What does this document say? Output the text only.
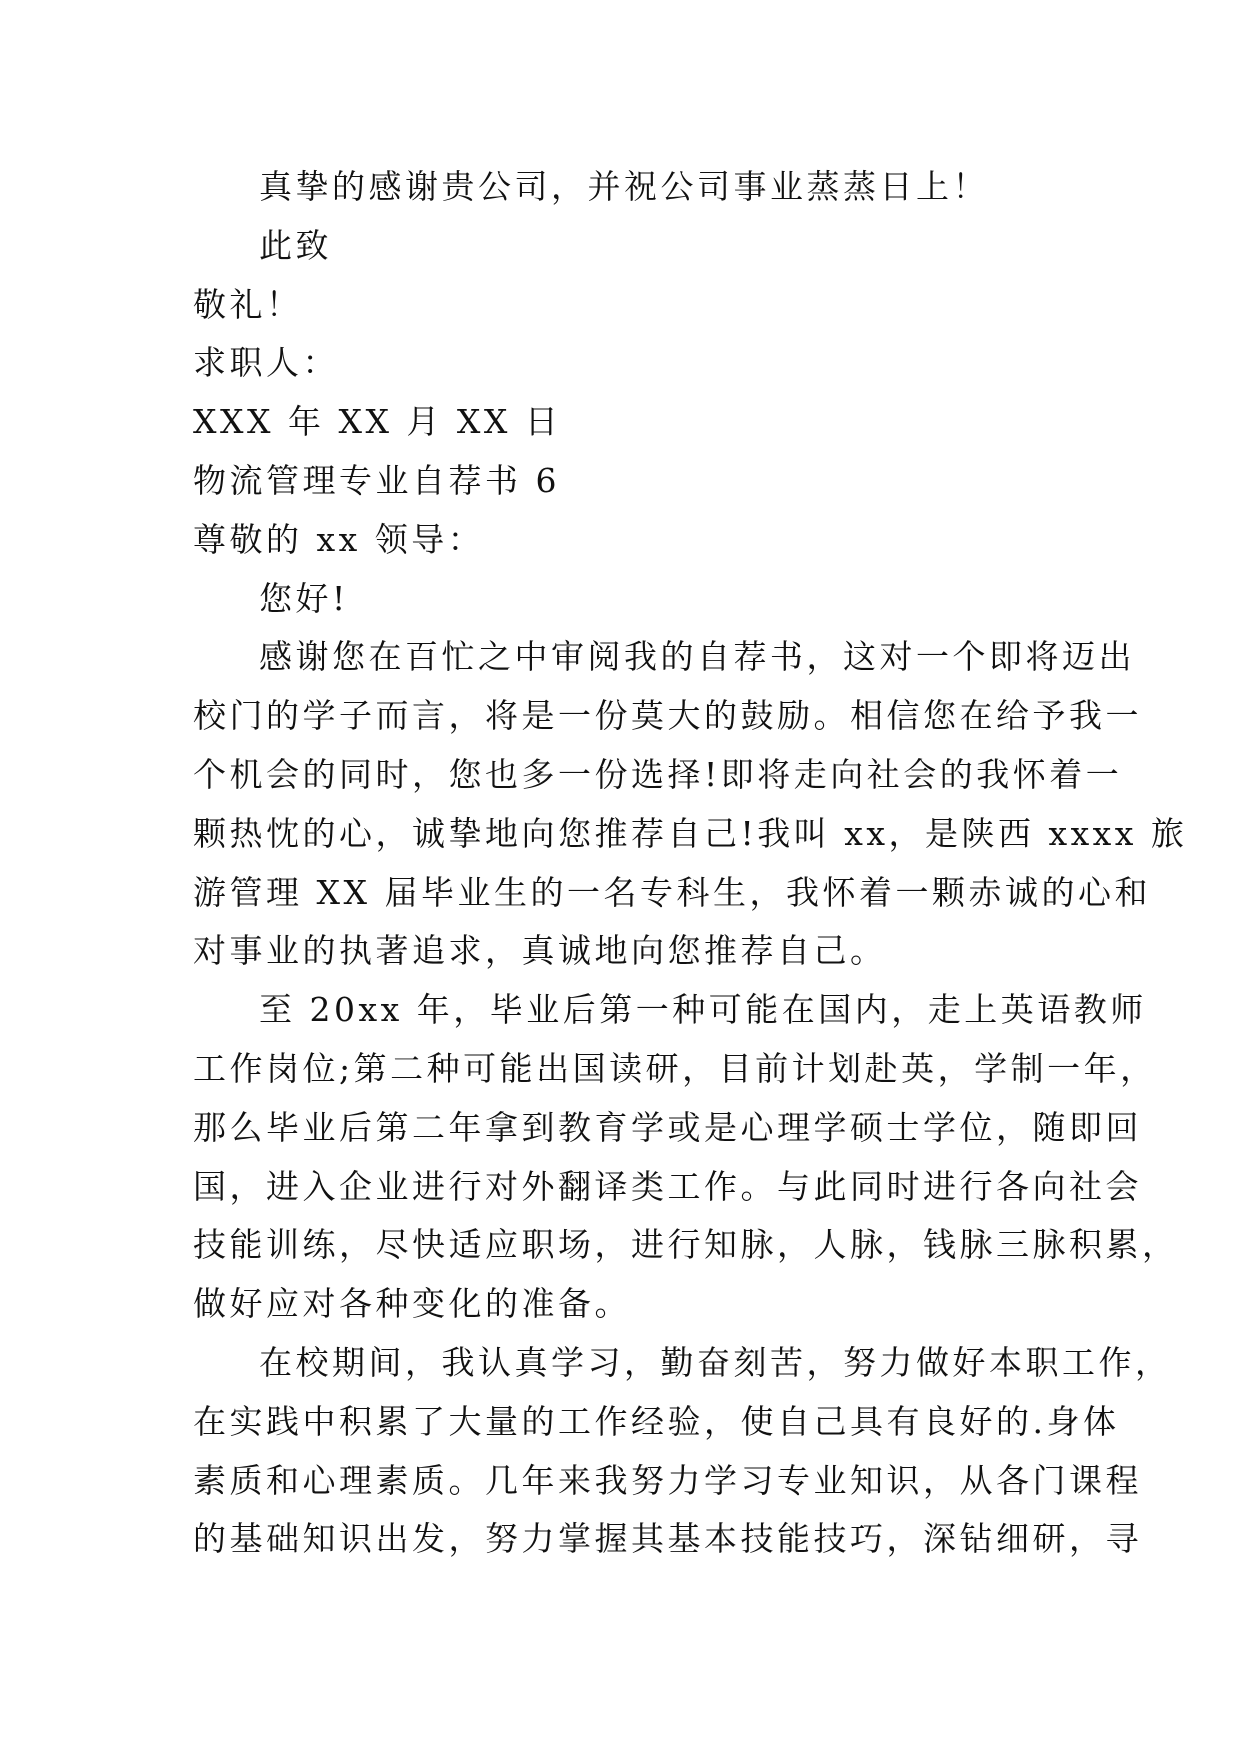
真挚的感谢贵公司，并祝公司事业蒸蒸日上！
此致
敬礼！
求职人：
XXX 年 XX 月 XX 日
物流管理专业自荐书 6
尊敬的 xx 领导：
您好!
感谢您在百忙之中审阅我的自荐书，这对一个即将迈出
校门的学子而言，将是一份莫大的鼓励。相信您在给予我一
个机会的同时，您也多一份选择!即将走向社会的我怀着一
颗热忱的心，诚挚地向您推荐自己!我叫 xx，是陕西 xxxx 旅
游管理 XX 届毕业生的一名专科生，我怀着一颗赤诚的心和
对事业的执著追求，真诚地向您推荐自己。
至 20xx 年，毕业后第一种可能在国内，走上英语教师
工作岗位;第二种可能出国读研，目前计划赴英，学制一年，
那么毕业后第二年拿到教育学或是心理学硕士学位，随即回
国，进入企业进行对外翻译类工作。与此同时进行各向社会
技能训练，尽快适应职场，进行知脉，人脉，钱脉三脉积累，
做好应对各种变化的准备。
在校期间，我认真学习，勤奋刻苦，努力做好本职工作，
在实践中积累了大量的工作经验，使自己具有良好的.身体
素质和心理素质。几年来我努力学习专业知识，从各门课程
的基础知识出发，努力掌握其基本技能技巧，深钻细研，寻
